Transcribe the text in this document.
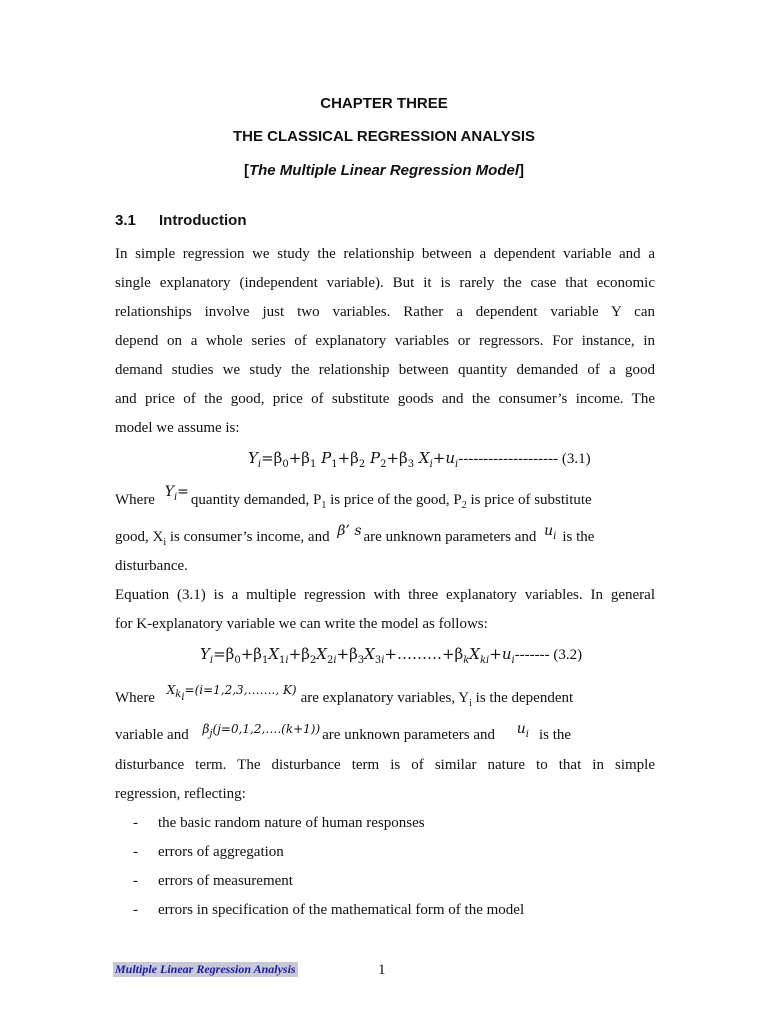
CHAPTER THREE
THE CLASSICAL REGRESSION ANALYSIS
[The Multiple Linear Regression Model]
3.1 Introduction
In simple regression we study the relationship between a dependent variable and a
single explanatory (independent variable). But it is rarely the case that economic
relationships involve just two variables. Rather a dependent variable Y can
depend on a whole series of explanatory variables or regressors. For instance, in
demand studies we study the relationship between quantity demanded of a good
and price of the good, price of substitute goods and the consumer’s income. The
model we assume is:
$Y_i=\beta_0+\beta_1$ $P_1+\beta_2$ $P_2+\beta_3$ $X_i+u_i--------------------$ (3.1)
Where $Y_i=$ quantity demanded, $P_1$ is price of the good, $P_2$ is price of substitute
good, $X_i$ is consumer’s income, and β’ s are unknown parameters and $u_i$ is the
disturbance.
Equation (3.1) is a multiple regression with three explanatory variables. In general
for K-explanatory variable we can write the model as follows:
$Y_i=\beta_0+\beta_1X_{1i}+\beta_2X_{2i}+\beta_3X_{3i}+\dots\dots\dots+\beta_kX_{ki}+u_i-------$ (3.2)
Where $^{X_{k_i}=(i=1,2,3,\dots\dots., K)}$ are explanatory variables, $Y_i$ is the dependent
variable and $^{\beta_j(j=0,1,2,\dots.(k+1))}$ are unknown parameters and $u_i$ is the
disturbance term. The disturbance term is of similar nature to that in simple
regression, reflecting:
- the basic random nature of human responses
- errors of aggregation
- errors of measurement
- errors in specification of the mathematical form of the model
Multiple Linear Regression Analysis	1
